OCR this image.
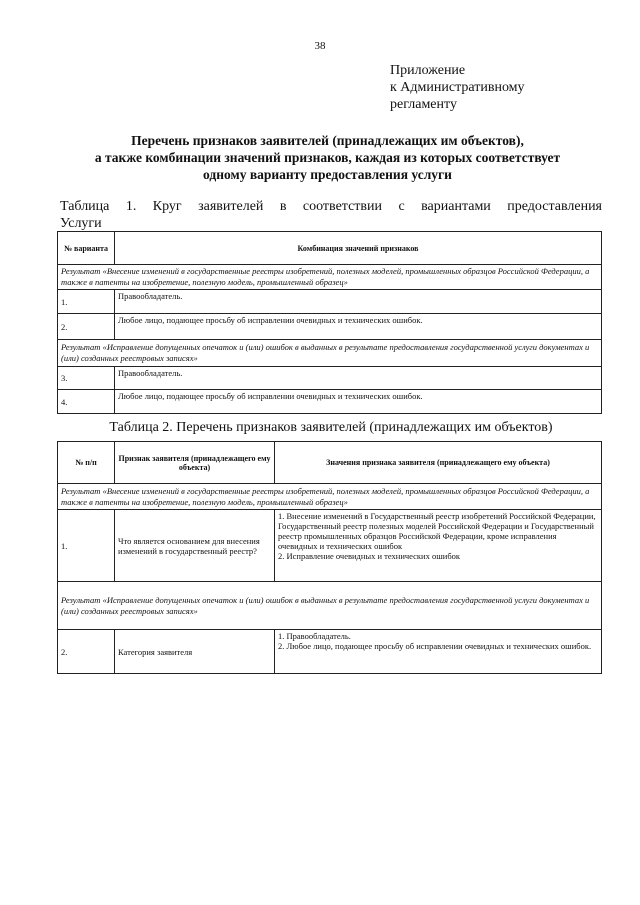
38
Приложение
к Административному
регламенту
Перечень признаков заявителей (принадлежащих им объектов),
а также комбинации значений признаков, каждая из которых соответствует
одному варианту предоставления услуги
Таблица 1. Круг заявителей в соответствии с вариантами предоставления
Услуги
№ варианта	Комбинация значений признаков
Результат «Внесение изменений в государственные реестры изобретений, полезных моделей, промышленных образцов Российской Федерации, а также в патенты на изобретение, полезную модель, промышленный образец»	
1.	Правообладатель.
2.	Любое лицо, подающее просьбу об исправлении очевидных и технических ошибок.
Результат «Исправление допущенных опечаток и (или) ошибок в выданных в результате предоставления государственной услуги документах и (или) созданных реестровых записях»	
3.	Правообладатель.
4.	Любое лицо, подающее просьбу об исправлении очевидных и технических ошибок.
Таблица 2. Перечень признаков заявителей (принадлежащих им объектов)
№ п/п	Признак заявителя (принадлежащего ему объекта)	Значения признака заявителя (принадлежащего ему объекта)
Результат «Внесение изменений в государственные реестры изобретений, полезных моделей, промышленных образцов Российской Федерации, а также в патенты на изобретение, полезную модель, промышленный образец»		
1.	Что является основанием для внесения изменений в государственный реестр?	1. Внесение изменений в Государственный реестр изобретений Российской Федерации, Государственный реестр полезных моделей Российской Федерации и Государственный реестр промышленных образцов Российской Федерации, кроме исправления очевидных и технических ошибок
2. Исправление очевидных и технических ошибок

Результат «Исправление допущенных опечаток и (или) ошибок в выданных в результате предоставления государственной услуги документах и (или) созданных реестровых записях»		
2.	Категория заявителя	1. Правообладатель.
2. Любое лицо, подающее просьбу об исправлении очевидных и технических ошибок.
